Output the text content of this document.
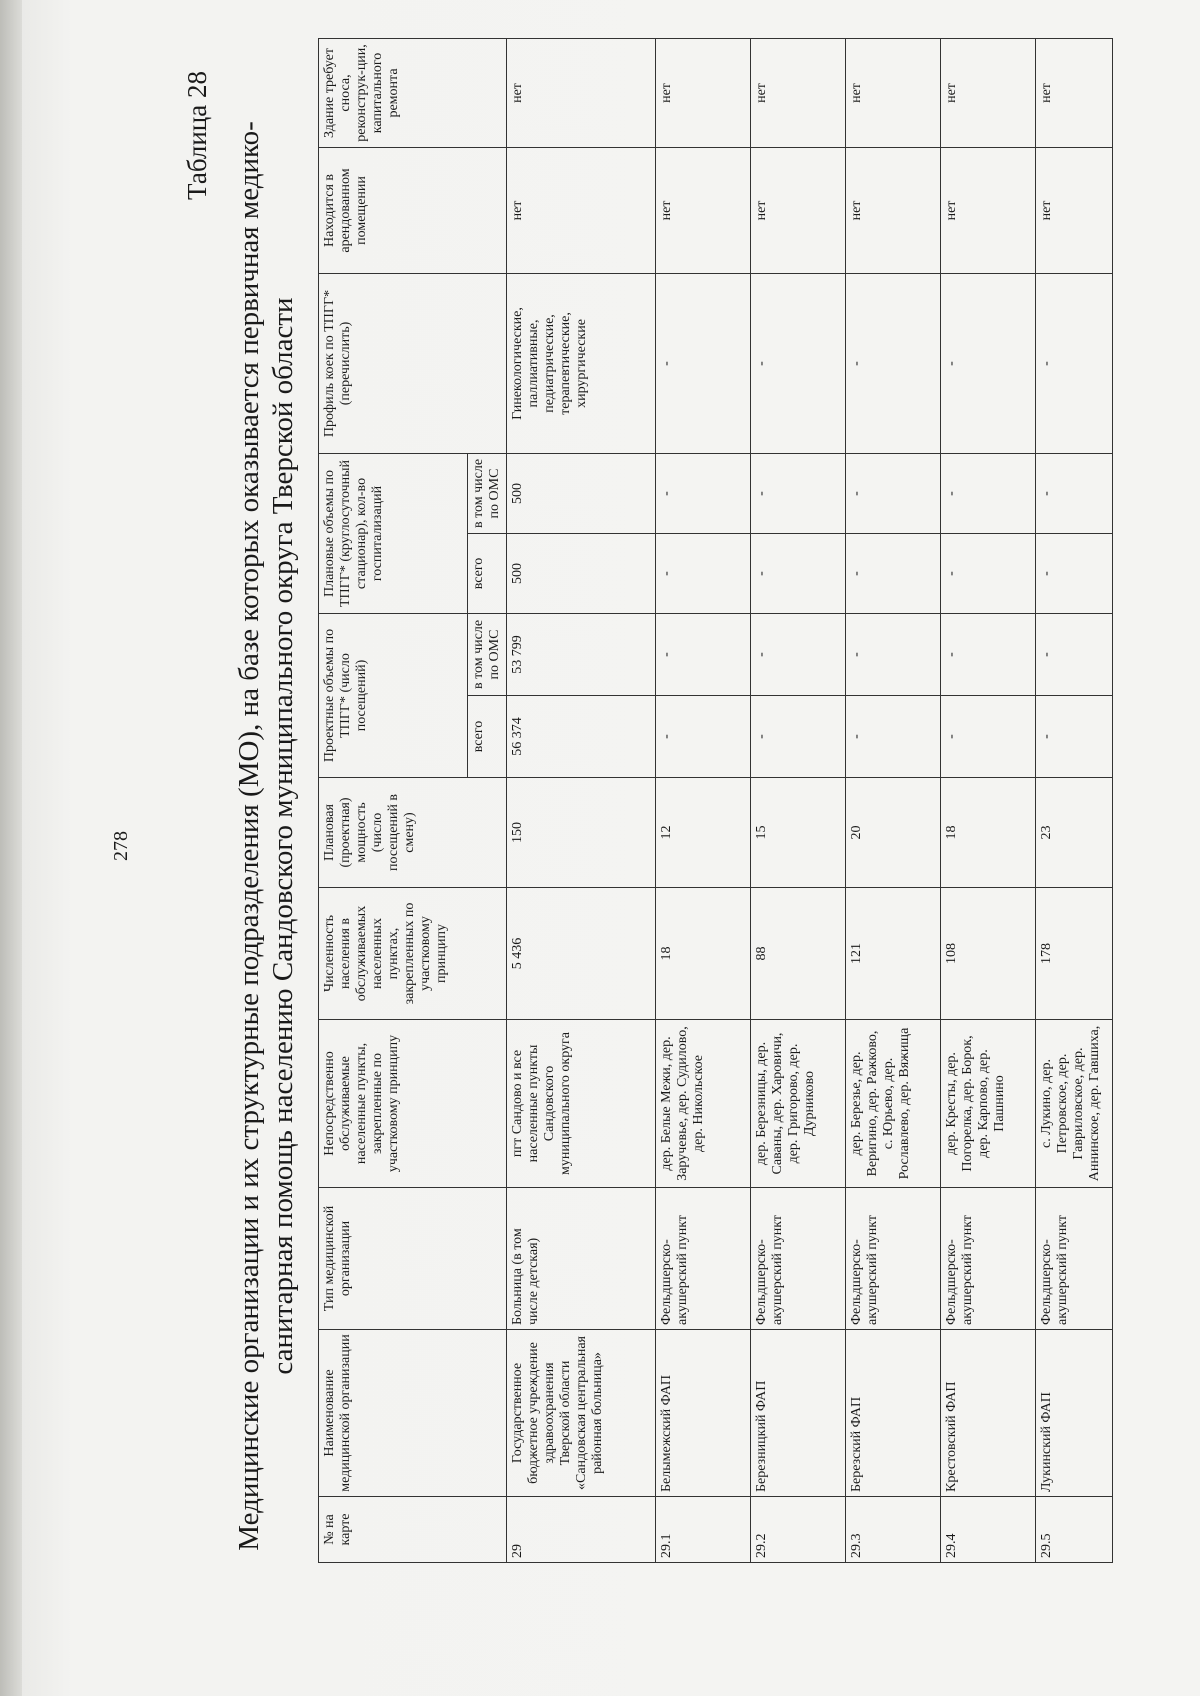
278
Таблица 28 Медицинские организации и их структурные подразделения (МО), на базе которых оказывается первичная медико- санитарная помощь населению Сандовского муниципального округа Тверской области
№ на карте	Наименование медицинской организации	Тип медицинской организации	Непосредственно обслуживаемые населенные пункты, закрепленные по участковому принципу	Численность населения в обслуживаемых населенных пунктах, закрепленных по участковому принципу	Плановая (проектная) мощность (число посещений в смену)	Проектные объемы по ТПГГ* (число посещений)		Плановые объемы по ТПГГ* (круглосуточный стационар), кол-во госпитализаций		Профиль коек по ТПГГ* (перечислить)	Находится в арендованном помещении	Здание требует сноса, реконструк-ции, капитального ремонта
						всего	в том числе по ОМС	всего	в том числе по ОМС			
29	Государственное бюджетное учреждение здравоохранения Тверской области «Сандовская центральная районная больница»	Больница (в том числе детская)	пгт Сандово и все населенные пункты Сандовского муниципального округа	5 436	150	56 374	53 799	500	500	Гинекологические, паллиативные, педиатрические, терапевтические, хирургические	нет	нет
29.1	Белымежский ФАП	Фельдшерско-акушерский пункт	дер. Белые Межи, дер. Заручевье, дер. Судилово, дер. Никольское	18	12	-	-	-	-	-	нет	нет
29.2	Березницкий ФАП	Фельдшерско-акушерский пункт	дер. Березницы, дер. Саваны, дер. Харовичи, дер. Григорово, дер. Дурниково	88	15	-	-	-	-	-	нет	нет
29.3	Березский ФАП	Фельдшерско-акушерский пункт	дер. Березье, дер. Веригино, дер. Ражково, с. Юрьево, дер. Рославлево, дер. Вяжища	121	20	-	-	-	-	-	нет	нет
29.4	Крестовский ФАП	Фельдшерско-акушерский пункт	дер. Кресты, дер. Погорелка, дер. Борок, дер. Карпово, дер. Пашнино	108	18	-	-	-	-	-	нет	нет
29.5	Лукинский ФАП	Фельдшерско-акушерский пункт	с. Лукино, дер. Петровское, дер. Гавриловское, дер. Аннинское, дер. Гавшиха,	178	23	-	-	-	-	-	нет	нет
